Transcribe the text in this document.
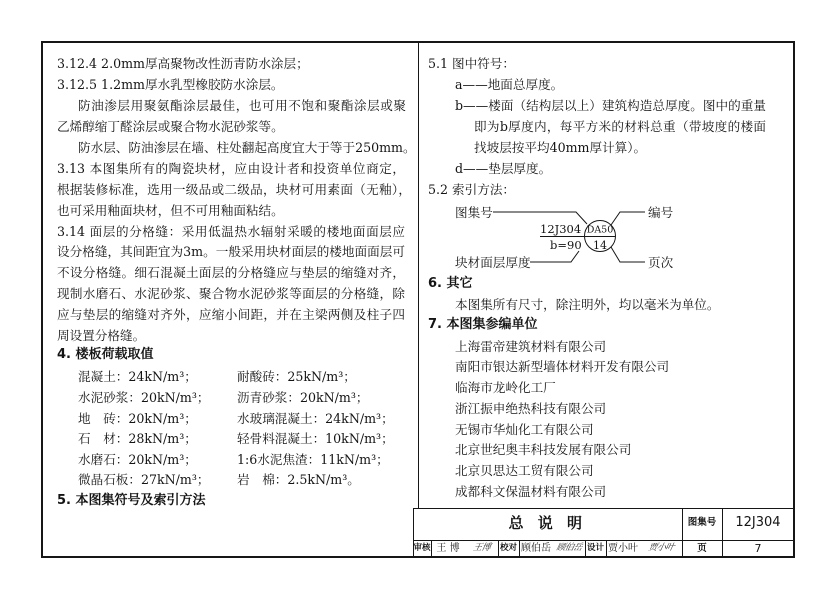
3.12.4 2.0mm厚高聚物改性沥青防水涂层；
3.12.5 1.2mm厚水乳型橡胶防水涂层。
防油渗层用聚氨酯涂层最佳，也可用不饱和聚酯涂层或聚
乙烯醇缩丁醛涂层或聚合物水泥砂浆等。
防水层、防油渗层在墙、柱处翻起高度宜大于等于250mm。
3.13 本图集所有的陶瓷块材，应由设计者和投资单位商定，
根据装修标准，选用一级品或二级品，块材可用素面（无釉），
也可采用釉面块材，但不可用釉面粘结。
3.14 面层的分格缝：采用低温热水辐射采暖的楼地面面层应
设分格缝，其间距宜为3m。一般采用块材面层的楼地面面层可
不设分格缝。细石混凝土面层的分格缝应与垫层的缩缝对齐，
现制水磨石、水泥砂浆、聚合物水泥砂浆等面层的分格缝，除
应与垫层的缩缝对齐外，应缩小间距，并在主梁两侧及柱子四
周设置分格缝。
4. 楼板荷载取值
混凝土：24kN/m³；	耐酸砖：25kN/m³；
水泥砂浆：20kN/m³； 沥青砂浆：20kN/m³；
地　砖：20kN/m³；	水玻璃混凝土：24kN/m³；
石　材：28kN/m³；	轻骨料混凝土：10kN/m³；
水磨石：20kN/m³；	1:6水泥焦渣：11kN/m³；
微晶石板：27kN/m³； 岩　棉：2.5kN/m³。
5. 本图集符号及索引方法
5.1 图中符号：
a——地面总厚度。
b——楼面（结构层以上）建筑构造总厚度。图中的重量
即为b厚度内，每平方米的材料总重（带坡度的楼面
找坡层按平均40mm厚计算）。
d——垫层厚度。
5.2 索引方法：
图集号
12J304 DA50
b=90 14
编号
块材面层厚度	页次
6. 其它
本图集所有尺寸，除注明外，均以毫米为单位。
7. 本图集参编单位
上海雷帝建筑材料有限公司
南阳市银达新型墙体材料开发有限公司
临海市龙岭化工厂
浙江振申绝热科技有限公司
无锡市华灿化工有限公司
北京世纪奥丰科技发展有限公司
北京贝思达工贸有限公司
成都科文保温材料有限公司
总 说 明	图集号	12J304
审核 王 博	王博	校对 顾伯岳 顾伯岳 设计 贾小叶	贾小叶	页	7
